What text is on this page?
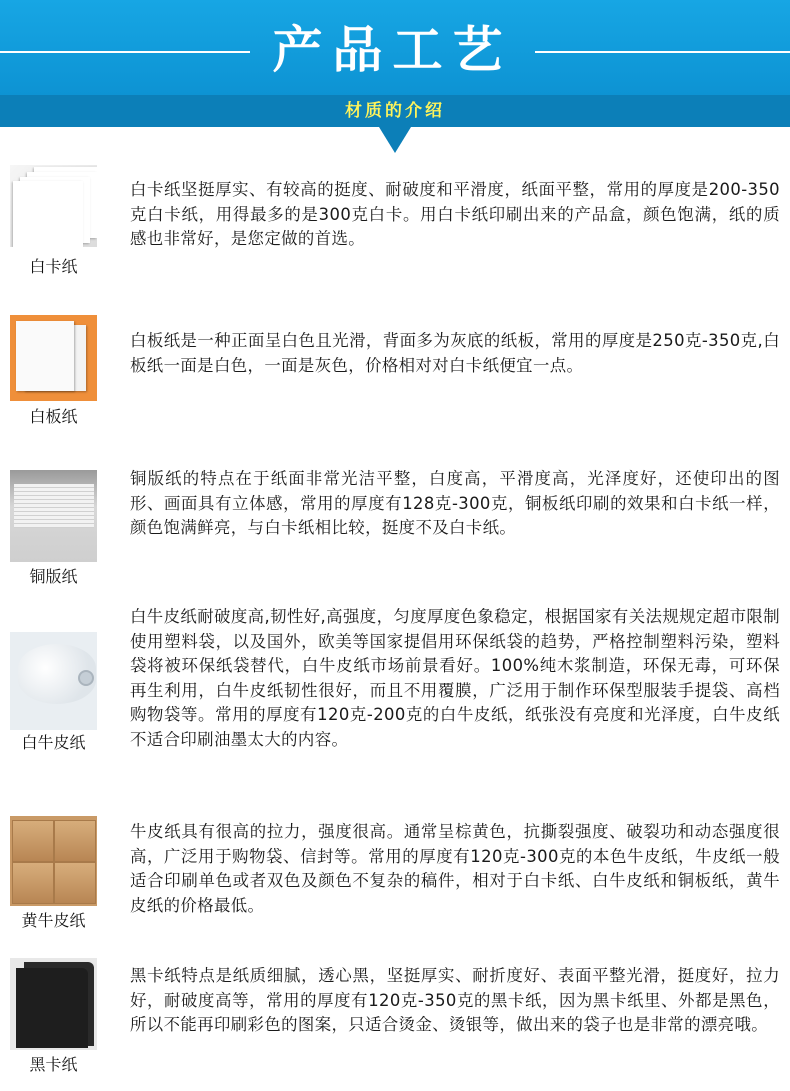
产品工艺
材质的介绍
白卡纸
白卡纸坚挺厚实、有较高的挺度、耐破度和平滑度，纸面平整，常用的厚度是200-350克白卡纸，用得最多的是300克白卡。用白卡纸印刷出来的产品盒，颜色饱满，纸的质感也非常好，是您定做的首选。
白板纸
白板纸是一种正面呈白色且光滑，背面多为灰底的纸板，常用的厚度是250克-350克,白板纸一面是白色，一面是灰色，价格相对对白卡纸便宜一点。
铜版纸
铜版纸的特点在于纸面非常光洁平整，白度高，平滑度高，光泽度好，还使印出的图形、画面具有立体感，常用的厚度有128克-300克，铜板纸印刷的效果和白卡纸一样，颜色饱满鲜亮，与白卡纸相比较，挺度不及白卡纸。
白牛皮纸
白牛皮纸耐破度高,韧性好,高强度，匀度厚度色象稳定，根据国家有关法规规定超市限制使用塑料袋，以及国外，欧美等国家提倡用环保纸袋的趋势，严格控制塑料污染，塑料袋将被环保纸袋替代，白牛皮纸市场前景看好。100%纯木浆制造，环保无毒，可环保再生利用，白牛皮纸韧性很好，而且不用覆膜，广泛用于制作环保型服装手提袋、高档购物袋等。常用的厚度有120克-200克的白牛皮纸，纸张没有亮度和光泽度，白牛皮纸不适合印刷油墨太大的内容。
黄牛皮纸
牛皮纸具有很高的拉力，强度很高。通常呈棕黄色，抗撕裂强度、破裂功和动态强度很高，广泛用于购物袋、信封等。常用的厚度有120克-300克的本色牛皮纸，牛皮纸一般适合印刷单色或者双色及颜色不复杂的稿件，相对于白卡纸、白牛皮纸和铜板纸，黄牛皮纸的价格最低。
黑卡纸
黑卡纸特点是纸质细腻，透心黑，坚挺厚实、耐折度好、表面平整光滑，挺度好，拉力好，耐破度高等，常用的厚度有120克-350克的黑卡纸，因为黑卡纸里、外都是黑色，所以不能再印刷彩色的图案，只适合烫金、烫银等，做出来的袋子也是非常的漂亮哦。
